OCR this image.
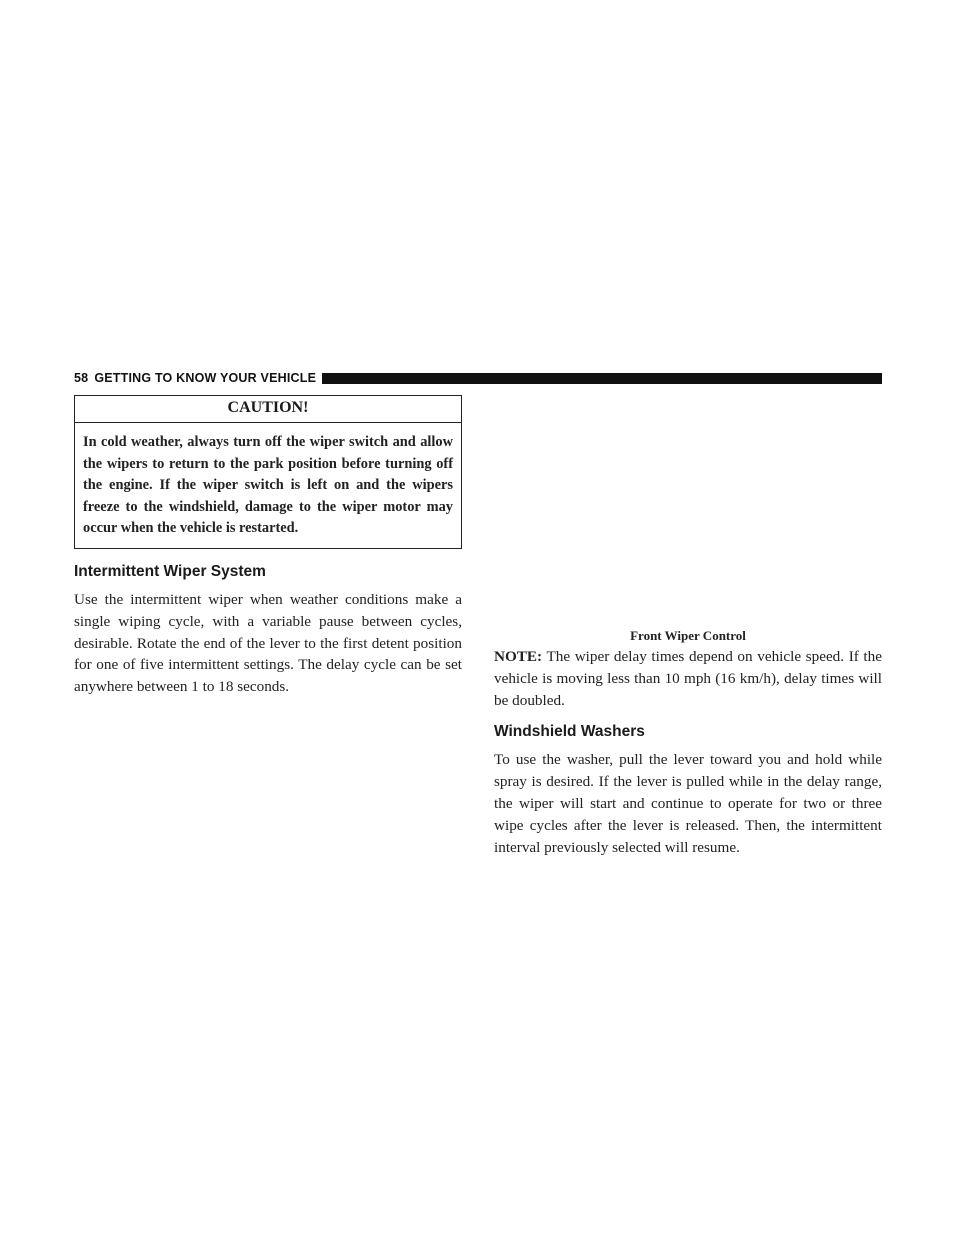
58 GETTING TO KNOW YOUR VEHICLE
CAUTION!
In cold weather, always turn off the wiper switch and allow the wipers to return to the park position before turning off the engine. If the wiper switch is left on and the wipers freeze to the windshield, damage to the wiper motor may occur when the vehicle is restarted.
Intermittent Wiper System

Use the intermittent wiper when weather conditions make a single wiping cycle, with a variable pause between cycles, desirable. Rotate the end of the lever to the first detent position for one of five intermittent settings. The delay cycle can be set anywhere between 1 to 18 seconds.

Front Wiper Control

NOTE: The wiper delay times depend on vehicle speed. If the vehicle is moving less than 10 mph (16 km/h), delay times will be doubled.

Windshield Washers

To use the washer, pull the lever toward you and hold while spray is desired. If the lever is pulled while in the delay range, the wiper will start and continue to operate for two or three wipe cycles after the lever is released. Then, the intermittent interval previously selected will resume.
